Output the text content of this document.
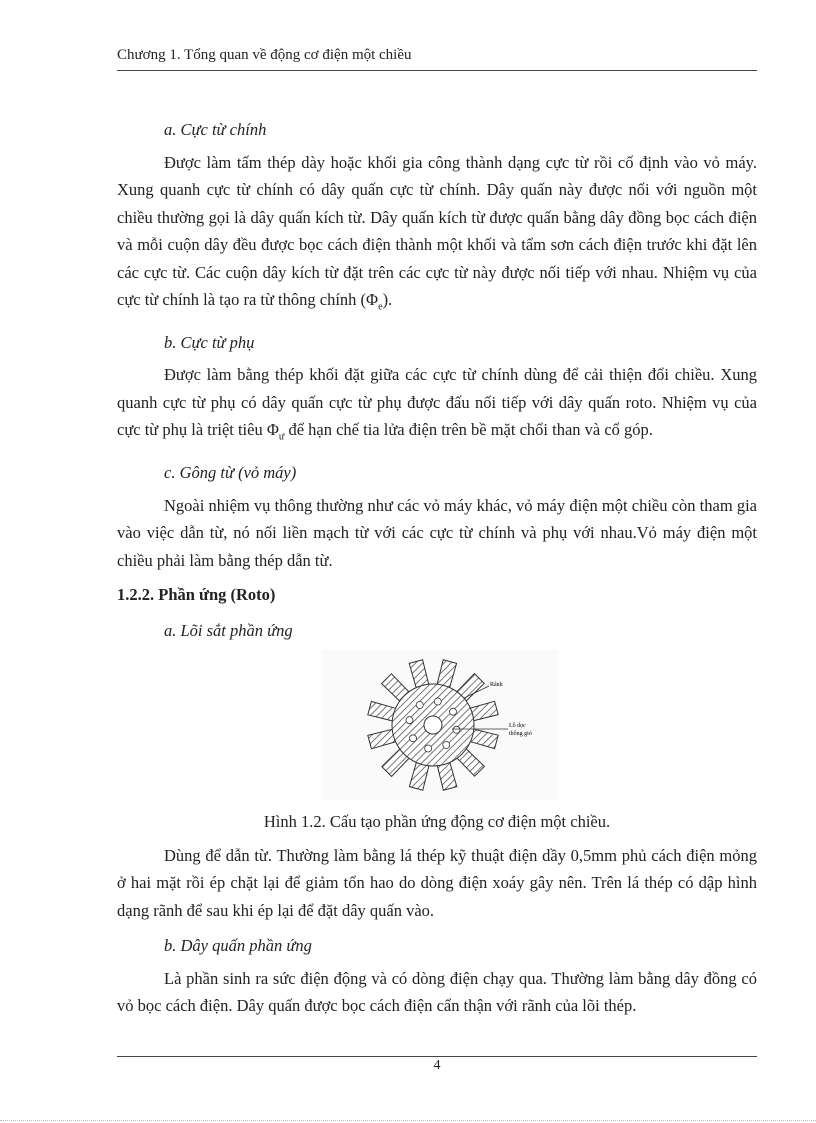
Chương 1. Tổng quan về động cơ điện một chiều

a. Cực từ chính

Được làm tấm thép dày hoặc khối gia công thành dạng cực từ rồi cố định vào vỏ máy. Xung quanh cực từ chính có dây quấn cực từ chính. Dây quấn này được nối với nguồn một chiều thường gọi là dây quấn kích từ. Dây quấn kích từ được quấn bằng dây đồng bọc cách điện và mỗi cuộn dây đều được bọc cách điện thành một khối và tẩm sơn cách điện trước khi đặt lên các cực từ. Các cuộn dây kích từ đặt trên các cực từ này được nối tiếp với nhau. Nhiệm vụ của cực từ chính là tạo ra từ thông chính $(\Phi_e)$.

b. Cực từ phụ

Được làm bằng thép khối đặt giữa các cực từ chính dùng để cải thiện đổi chiều. Xung quanh cực từ phụ có dây quấn cực từ phụ được đấu nối tiếp với dây quấn roto. Nhiệm vụ của cực từ phụ là triệt tiêu $\Phi_ư$ để hạn chế tia lửa điện trên bề mặt chổi than và cổ góp.

c. Gông từ (vỏ máy)

Ngoài nhiệm vụ thông thường như các vỏ máy khác, vỏ máy điện một chiều còn tham gia vào việc dẫn từ, nó nối liền mạch từ với các cực từ chính và phụ với nhau.Vỏ máy điện một chiều phải làm bằng thép dẫn từ.

1.2.2. Phần ứng (Roto)

a. Lõi sắt phần ứng

Rãnh
Lỗ dọc
thông gió

Hình 1.2. Cấu tạo phần ứng động cơ điện một chiều.

Dùng để dẫn từ. Thường làm bằng lá thép kỹ thuật điện dầy 0,5mm phủ cách điện mỏng ở hai mặt rồi ép chặt lại để giảm tổn hao do dòng điện xoáy gây nên. Trên lá thép có dập hình dạng rãnh để sau khi ép lại để đặt dây quấn vào.

b. Dây quấn phần ứng

Là phần sinh ra sức điện động và có dòng điện chạy qua. Thường làm bằng dây đồng có vỏ bọc cách điện. Dây quấn được bọc cách điện cẩn thận với rãnh của lõi thép.

4
